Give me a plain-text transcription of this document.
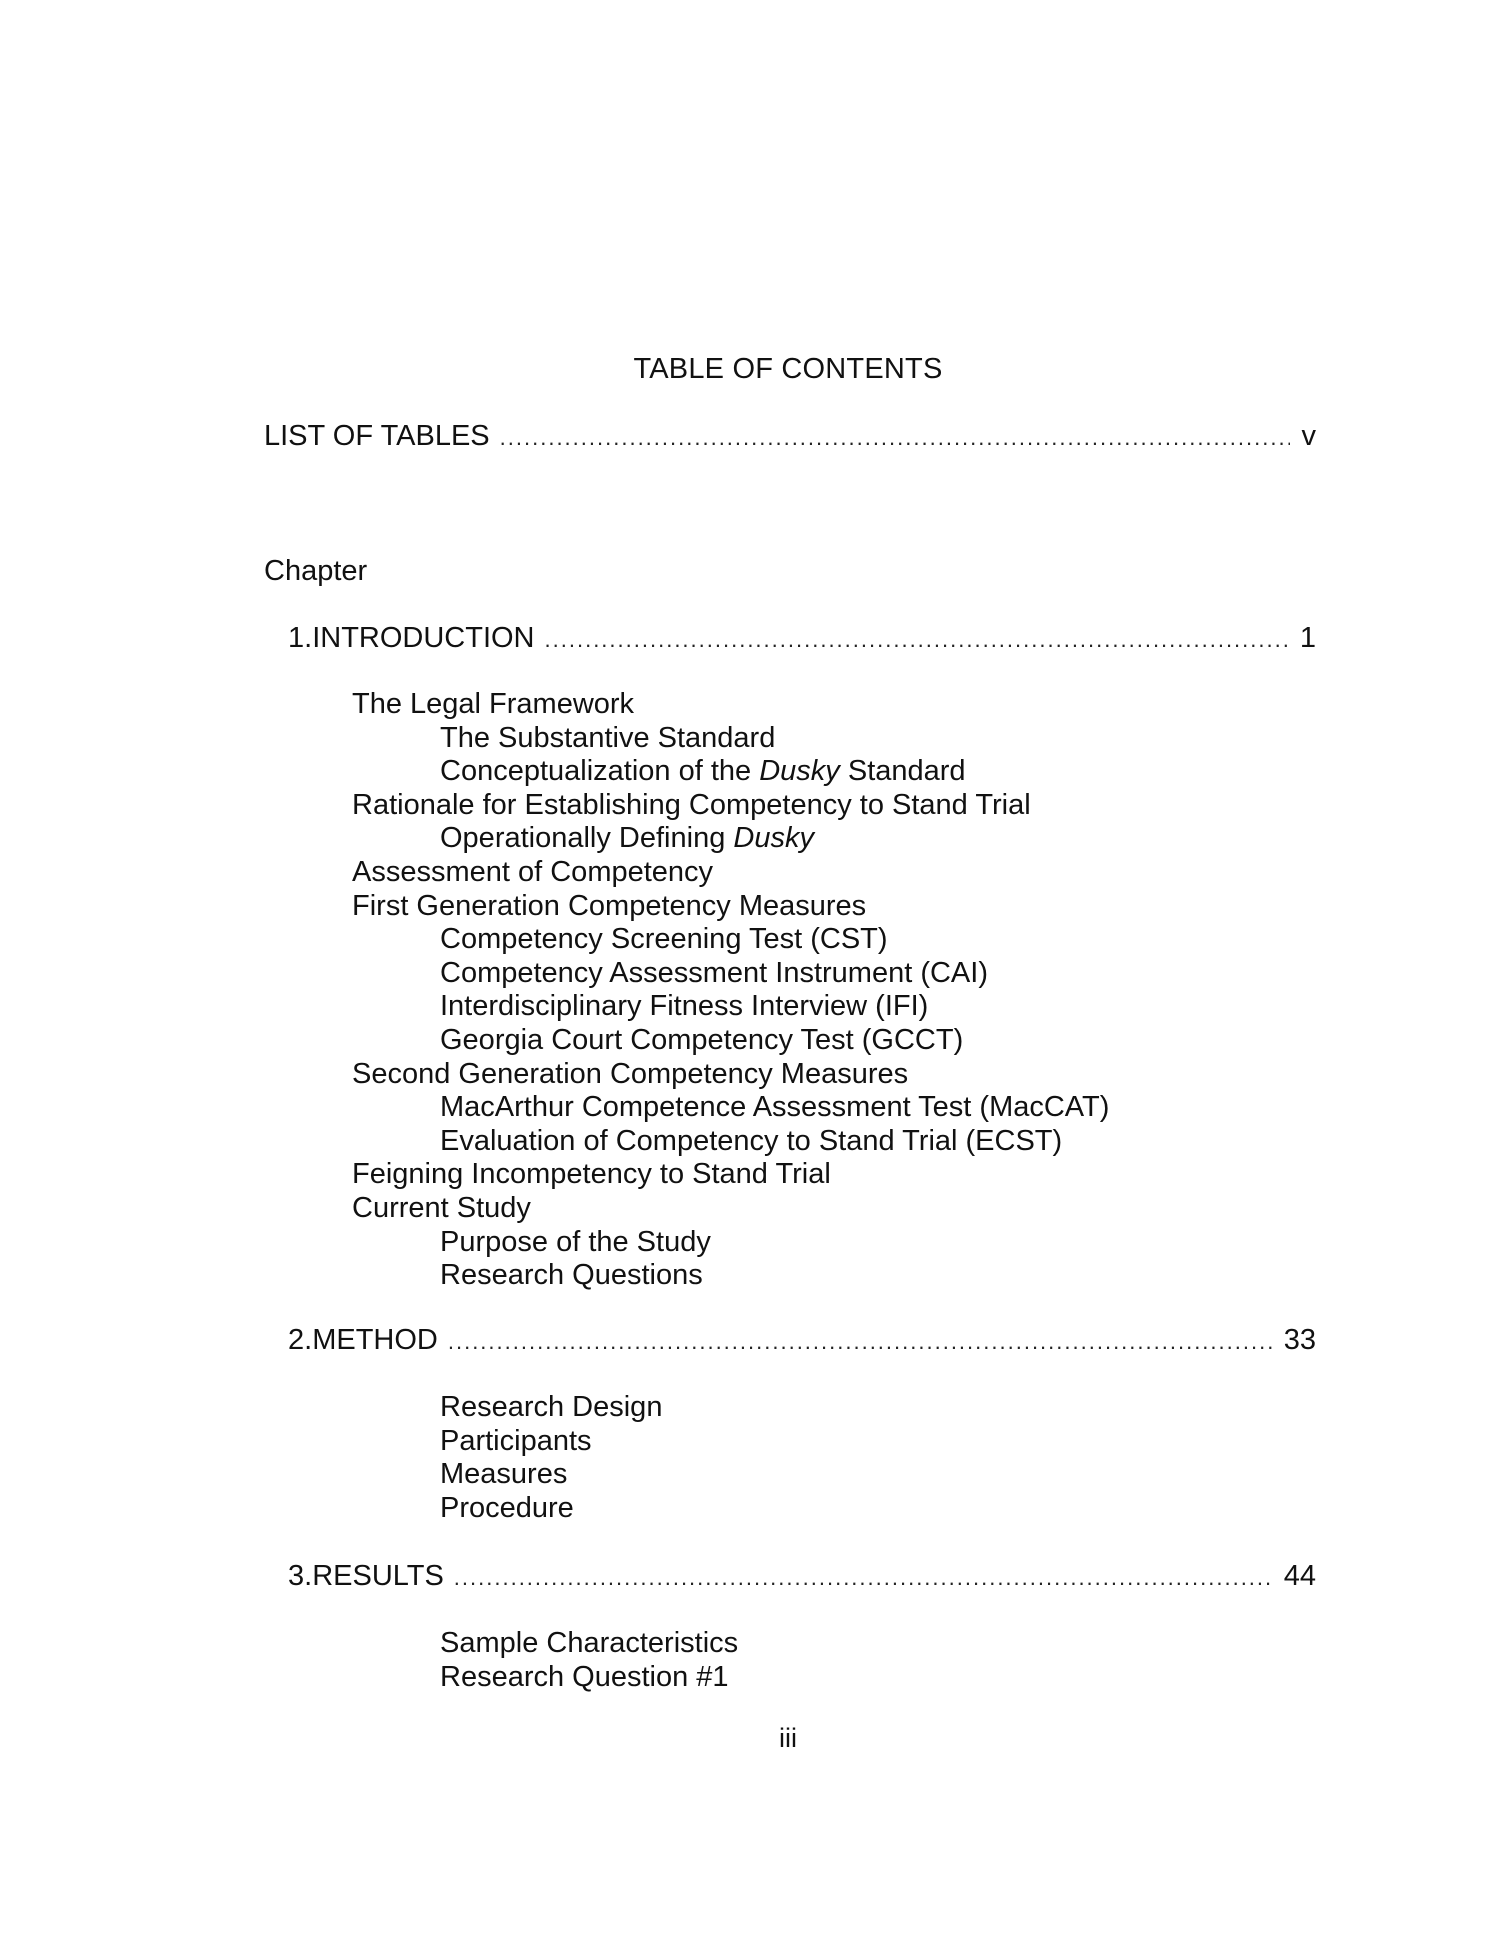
TABLE OF CONTENTS
LIST OF TABLES .....	v
Chapter
1. INTRODUCTION .....	1
The Legal Framework
The Substantive Standard
Conceptualization of the Dusky Standard
Rationale for Establishing Competency to Stand Trial
Operationally Defining Dusky
Assessment of Competency
First Generation Competency Measures
Competency Screening Test (CST)
Competency Assessment Instrument (CAI)
Interdisciplinary Fitness Interview (IFI)
Georgia Court Competency Test (GCCT)
Second Generation Competency Measures
MacArthur Competence Assessment Test (MacCAT)
Evaluation of Competency to Stand Trial (ECST)
Feigning Incompetency to Stand Trial
Current Study
Purpose of the Study
Research Questions
2. METHOD .....	33
Research Design
Participants
Measures
Procedure
3. RESULTS .....	44
Sample Characteristics
Research Question #1
iii
